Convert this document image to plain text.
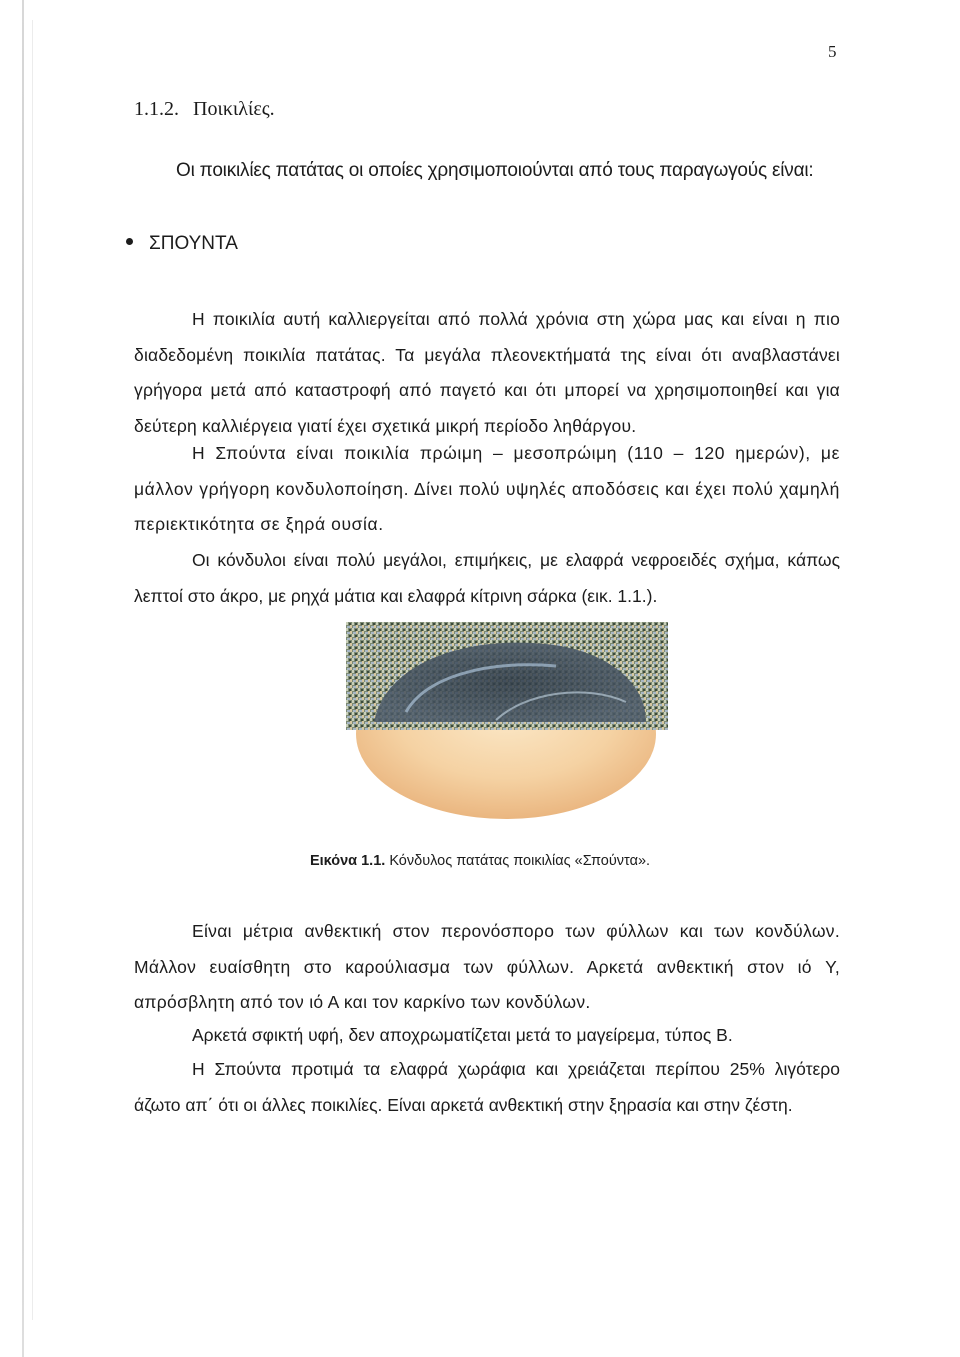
5
1.1.2. Ποικιλίες.
Οι ποικιλίες πατάτας οι οποίες χρησιμοποιούνται από τους παραγωγούς είναι:
ΣΠΟΥΝΤΑ
Η ποικιλία αυτή καλλιεργείται από πολλά χρόνια στη χώρα μας και είναι η πιο διαδεδομένη ποικιλία πατάτας. Τα μεγάλα πλεονεκτήματά της είναι ότι αναβλαστάνει γρήγορα μετά από καταστροφή από παγετό και ότι μπορεί να χρησιμοποιηθεί και για δεύτερη καλλιέργεια γιατί έχει σχετικά μικρή περίοδο ληθάργου.
Η Σπούντα είναι ποικιλία πρώιμη – μεσοπρώιμη (110 – 120 ημερών), με μάλλον γρήγορη κονδυλοποίηση. Δίνει πολύ υψηλές αποδόσεις και έχει πολύ χαμηλή περιεκτικότητα σε ξηρά ουσία.
Οι κόνδυλοι είναι πολύ μεγάλοι, επιμήκεις, με ελαφρά νεφροειδές σχήμα, κάπως λεπτοί στο άκρο, με ρηχά μάτια και ελαφρά κίτρινη σάρκα (εικ. 1.1.).
Εικόνα 1.1. Κόνδυλος πατάτας ποικιλίας «Σπούντα».
Είναι μέτρια ανθεκτική στον περονόσπορο των φύλλων και των κονδύλων. Μάλλον ευαίσθητη στο καρούλιασμα των φύλλων. Αρκετά ανθεκτική στον ιό Y, απρόσβλητη από τον ιό Α και τον καρκίνο των κονδύλων.
Αρκετά σφικτή υφή, δεν αποχρωματίζεται μετά το μαγείρεμα, τύπος Β.
Η Σπούντα προτιμά τα ελαφρά χωράφια και χρειάζεται περίπου 25% λιγότερο άζωτο απ΄ ότι οι άλλες ποικιλίες. Είναι αρκετά ανθεκτική στην ξηρασία και στην ζέστη.
